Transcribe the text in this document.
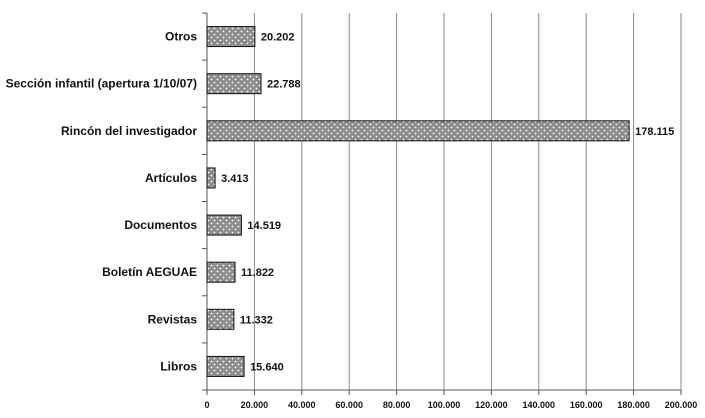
0	20.000 40.000 60.000 80.000 100.000 120.000 140.000 160.000 180.000 200.000
Otros	20.202
Sección infantil (apertura 1/10/07)	22.788
Rincón del investigador	178.115
Artículos 3.413
Documentos	14.519
Boletín AEGUAE	11.822
Revistas	11.332
Libros	15.640
